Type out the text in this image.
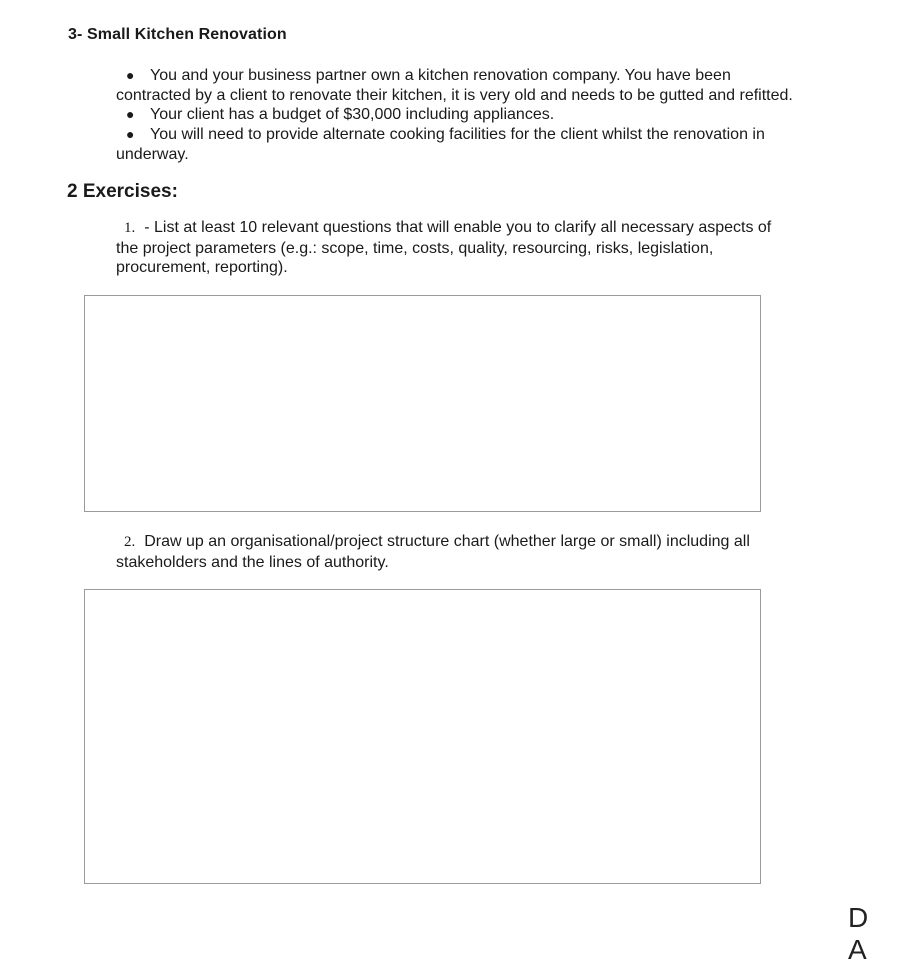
3- Small Kitchen Renovation

● You and your business partner own a kitchen renovation company. You have been
contracted by a client to renovate their kitchen, it is very old and needs to be gutted and refitted.

● Your client has a budget of $30,000 including appliances.

● You will need to provide alternate cooking facilities for the client whilst the renovation in
underway.

2 Exercises:

1. - List at least 10 relevant questions that will enable you to clarify all necessary aspects of
the project parameters (e.g.: scope, time, costs, quality, resourcing, risks, legislation,
procurement, reporting).

2. Draw up an organisational/project structure chart (whether large or small) including all
stakeholders and the lines of authority.

D A
